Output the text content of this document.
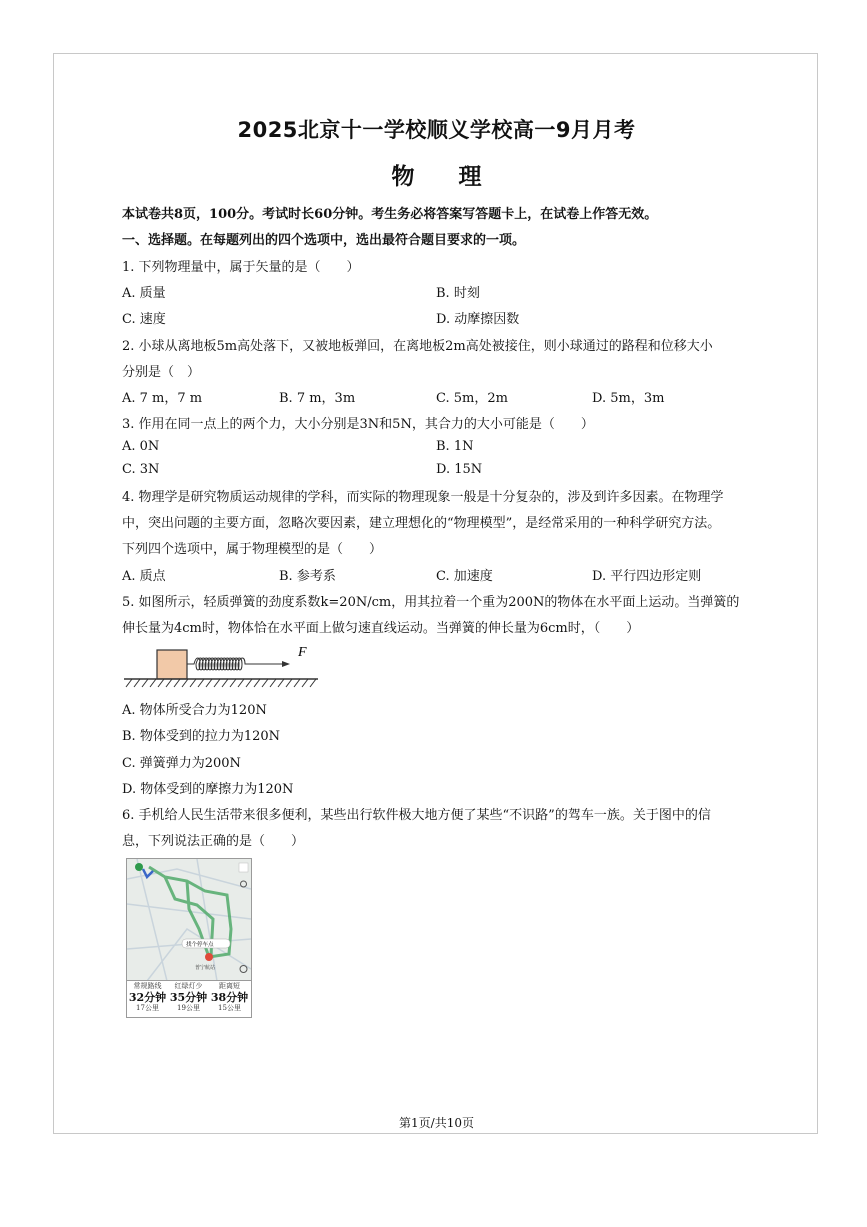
2025北京十一学校顺义学校高一9月月考
物理
本试卷共8页，100分。考试时长60分钟。考生务必将答案写答题卡上，在试卷上作答无效。
一、选择题。在每题列出的四个选项中，选出最符合题目要求的一项。
1. 下列物理量中，属于矢量的是（　　）
A. 质量	B. 时刻
C. 速度	D. 动摩擦因数
2. 小球从离地板5m高处落下，又被地板弹回，在离地板2m高处被接住，则小球通过的路程和位移大小
分别是（　）
A. 7 m，7 m	B. 7 m，3m	C. 5m，2m	D. 5m，3m
3. 作用在同一点上的两个力，大小分别是3N和5N，其合力的大小可能是（　　）
A. 0N	B. 1N
C. 3N	D. 15N
4. 物理学是研究物质运动规律的学科，而实际的物理现象一般是十分复杂的，涉及到许多因素。在物理学
中，突出问题的主要方面，忽略次要因素，建立理想化的“物理模型”，是经常采用的一种科学研究方法。
下列四个选项中，属于物理模型的是（　　）
A. 质点	B. 参考系	C. 加速度	D. 平行四边形定则
5. 如图所示，轻质弹簧的劲度系数k=20N/cm，用其拉着一个重为200N的物体在水平面上运动。当弹簧的
伸长量为4cm时，物体恰在水平面上做匀速直线运动。当弹簧的伸长量为6cm时，（　　）
F
A. 物体所受合力为120N
B. 物体受到的拉力为120N
C. 弹簧弹力为200N
D. 物体受到的摩擦力为120N
6. 手机给人民生活带来很多便利，某些出行软件极大地方便了某些“不识路”的驾车一族。关于图中的信
息，下列说法正确的是（　　）
找个停车点
普宁航站
常规路线
32分钟
17公里
红绿灯少
35分钟
19公里
距离短
38分钟
15公里
第1页/共10页
